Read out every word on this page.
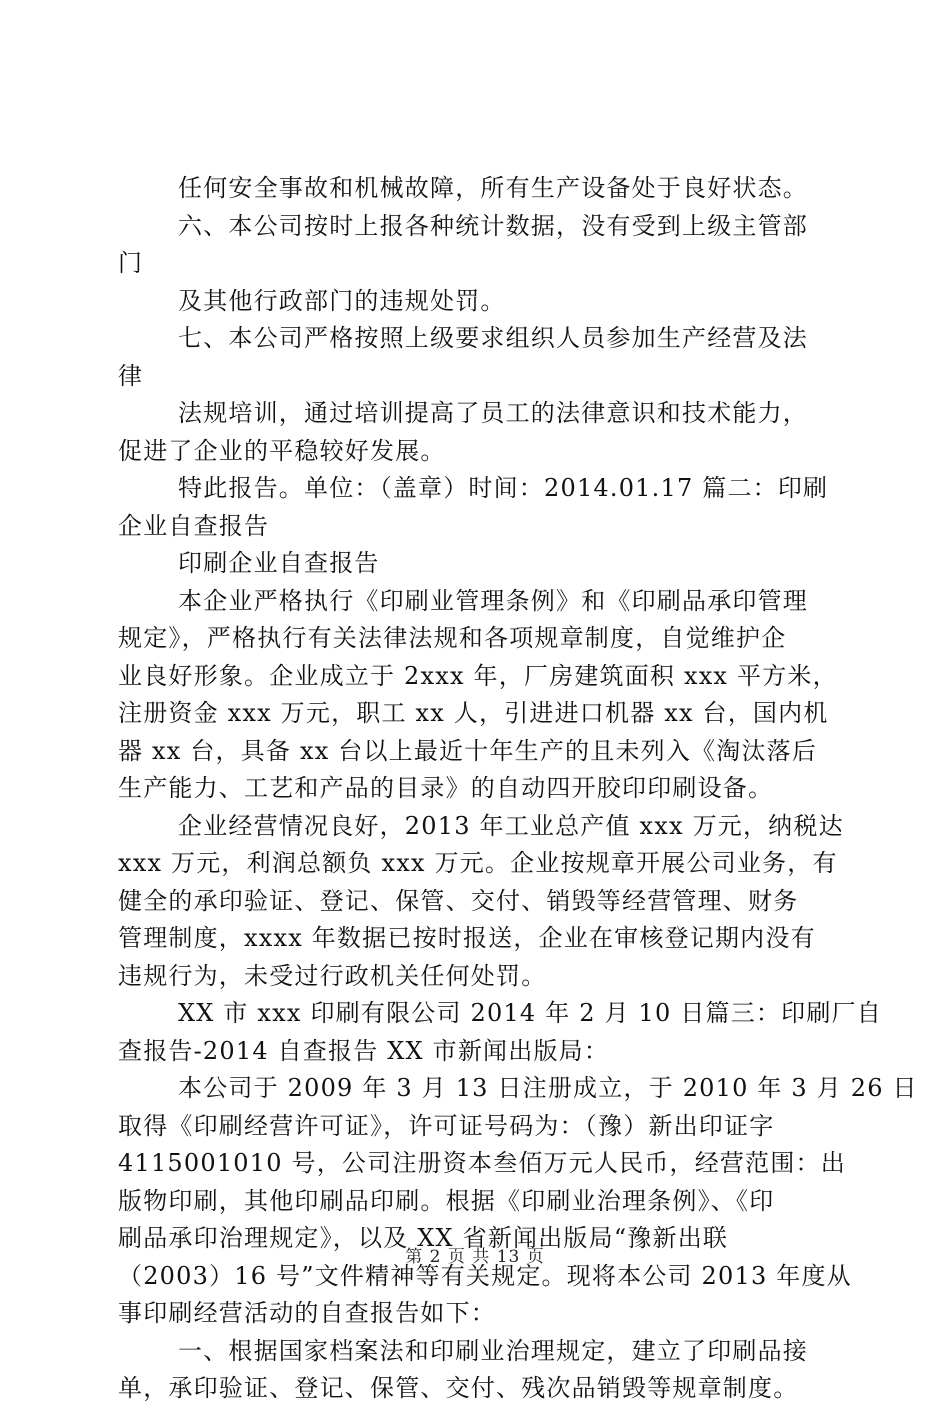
任何安全事故和机械故障，所有生产设备处于良好状态。
六、本公司按时上报各种统计数据，没有受到上级主管部
门
及其他行政部门的违规处罚。
七、本公司严格按照上级要求组织人员参加生产经营及法
律
法规培训，通过培训提高了员工的法律意识和技术能力，
促进了企业的平稳较好发展。
特此报告。单位：（盖章）时间：2014.01.17 篇二：印刷
企业自查报告
印刷企业自查报告
本企业严格执行《印刷业管理条例》和《印刷品承印管理
规定》，严格执行有关法律法规和各项规章制度，自觉维护企
业良好形象。企业成立于 2xxx 年，厂房建筑面积 xxx 平方米，
注册资金 xxx 万元，职工 xx 人，引进进口机器 xx 台，国内机
器 xx 台，具备 xx 台以上最近十年生产的且未列入《淘汰落后
生产能力、工艺和产品的目录》的自动四开胶印印刷设备。
企业经营情况良好，2013 年工业总产值 xxx 万元，纳税达
xxx 万元，利润总额负 xxx 万元。企业按规章开展公司业务，有
健全的承印验证、登记、保管、交付、销毁等经营管理、财务
管理制度，xxxx 年数据已按时报送，企业在审核登记期内没有
违规行为，未受过行政机关任何处罚。
XX 市 xxx 印刷有限公司 2014 年 2 月 10 日篇三：印刷厂自
查报告-2014 自查报告 XX 市新闻出版局：
本公司于 2009 年 3 月 13 日注册成立，于 2010 年 3 月 26 日
取得《印刷经营许可证》，许可证号码为：（豫）新出印证字
4115001010 号，公司注册资本叁佰万元人民币，经营范围：出
版物印刷，其他印刷品印刷。根据《印刷业治理条例》、《印
刷品承印治理规定》，以及 XX 省新闻出版局“豫新出联
（2003）16 号”文件精神等有关规定。现将本公司 2013 年度从
事印刷经营活动的自查报告如下：
一、根据国家档案法和印刷业治理规定，建立了印刷品接
单，承印验证、登记、保管、交付、残次品销毁等规章制度。
第 2 页 共 13 页
